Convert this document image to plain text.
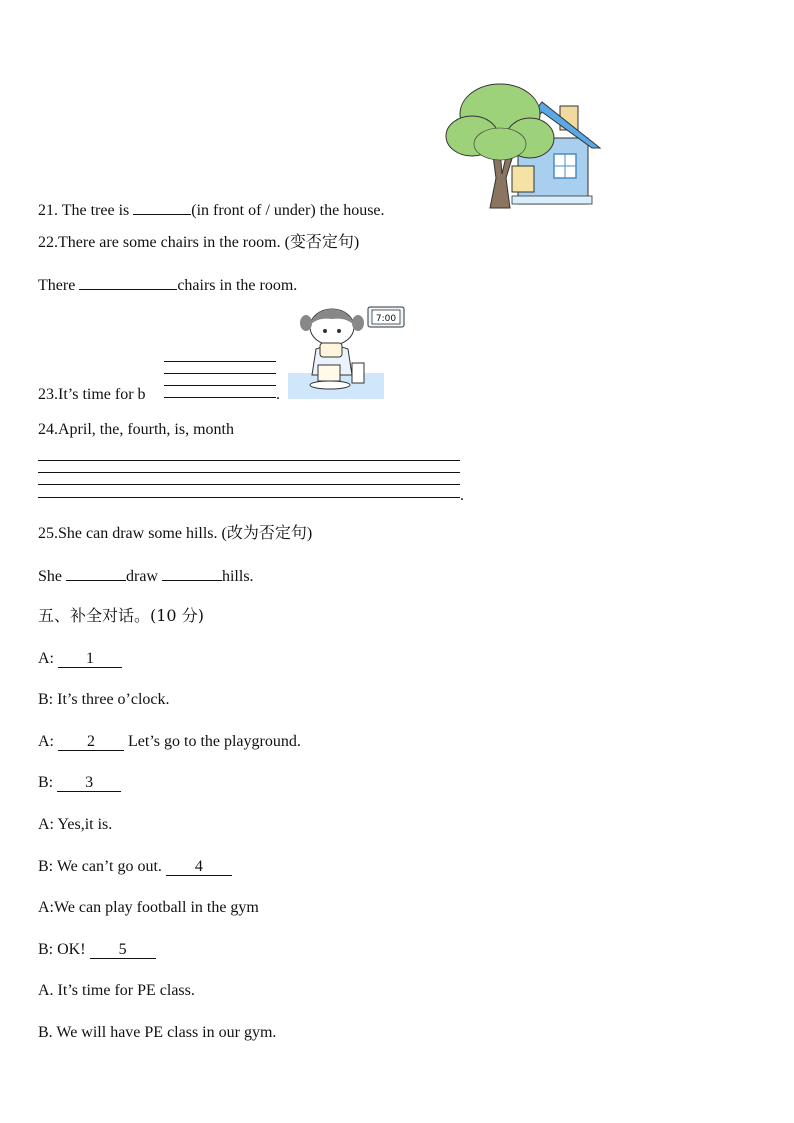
21. The tree is	(in front of / under) the house.
22.There are some chairs in the room. (变否定句)
There	chairs in the room.
7:00
23.It’s time for b	.
24.April, the, fourth, is, month
.
25.She can draw some hills. (改为否定句)
She	draw	hills.
五、补全对话。(10 分)
A: 1
B: It’s three o’clock.
A: 2 Let’s go to the playground.
B: 3
A: Yes,it is.
B: We can’t go out. 4
A:We can play football in the gym
B: OK! 5
A. It’s time for PE class.
B. We will have PE class in our gym.
